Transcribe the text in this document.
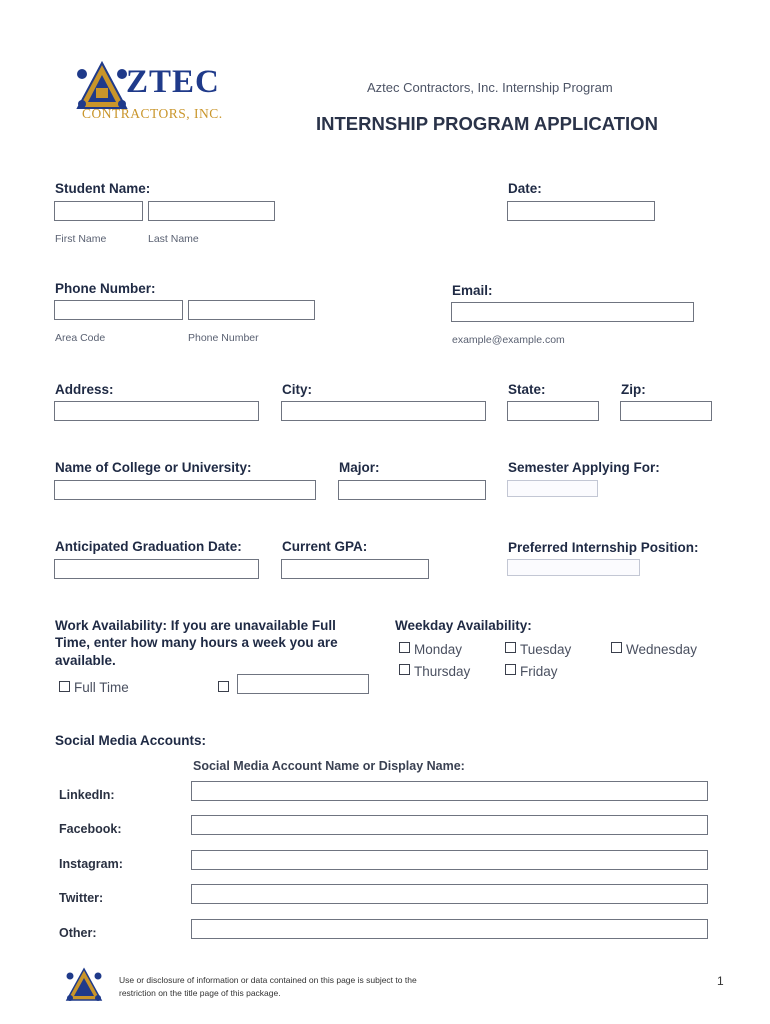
ZTEC
CONTRACTORS, INC.
Aztec Contractors, Inc. Internship Program
INTERNSHIP PROGRAM APPLICATION
Student Name:
First Name	Last Name
Date:
Phone Number:
Area Code	Phone Number
Email:
example@example.com
Address:	City:	State:	Zip:
Name of College or University:	Major:	Semester Applying For:
Anticipated Graduation Date:	Current GPA:	Preferred Internship Position:
Work Availability: If you are unavailable Full
Time, enter how many hours a week you are
available.
Full Time
Weekday Availability:
Monday	Tuesday	Wednesday
Thursday	Friday
Social Media Accounts:
Social Media Account Name or Display Name:
LinkedIn:
Facebook:
Instagram:
Twitter:
Other:
Use or disclosure of information or data contained on this page is subject to the
restriction on the title page of this package.
1
